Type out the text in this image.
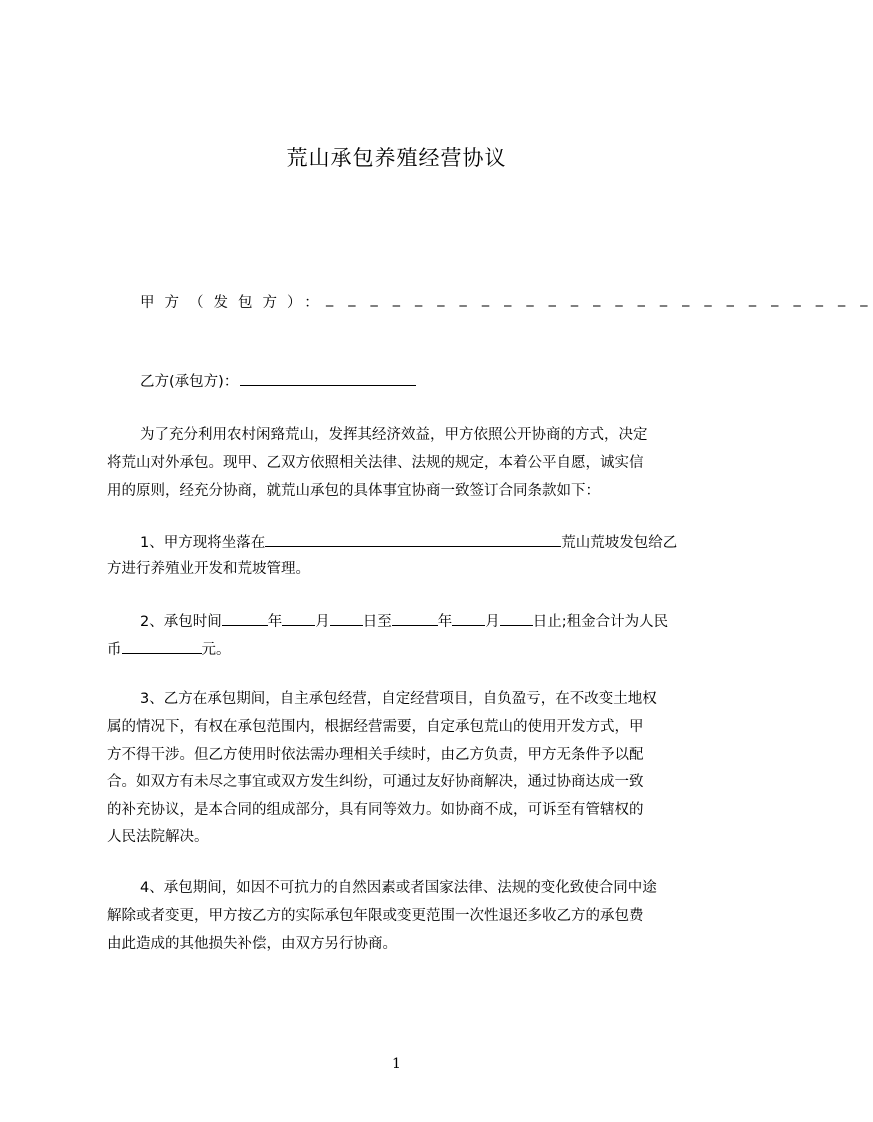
荒山承包养殖经营协议
甲方（发包方）：
_ _ _ _ _ _ _ _ _ _ _ _ _ _ _ _ _ _ _ _ _ _ _ _ _
乙方(承包方)：
为了充分利用农村闲臵荒山，发挥其经济效益，甲方依照公开协商的方式，决定
将荒山对外承包。现甲、乙双方依照相关法律、法规的规定，本着公平自愿，诚实信
用的原则，经充分协商，就荒山承包的具体事宜协商一致签订合同条款如下：
1、甲方现将坐落在	荒山荒坡发包给乙
方进行养殖业开发和荒坡管理。
2、承包时间	年 月 日至	年 月 日止;租金合计为人民
币	元。
3、乙方在承包期间，自主承包经营，自定经营项目，自负盈亏，在不改变土地权
属的情况下，有权在承包范围内，根据经营需要，自定承包荒山的使用开发方式，甲
方不得干涉。但乙方使用时依法需办理相关手续时，由乙方负责，甲方无条件予以配
合。如双方有未尽之事宜或双方发生纠纷，可通过友好协商解决，通过协商达成一致
的补充协议，是本合同的组成部分，具有同等效力。如协商不成，可诉至有管辖权的
人民法院解决。
4、承包期间，如因不可抗力的自然因素或者国家法律、法规的变化致使合同中途
解除或者变更，甲方按乙方的实际承包年限或变更范围一次性退还多收乙方的承包费
由此造成的其他损失补偿，由双方另行协商。
1
